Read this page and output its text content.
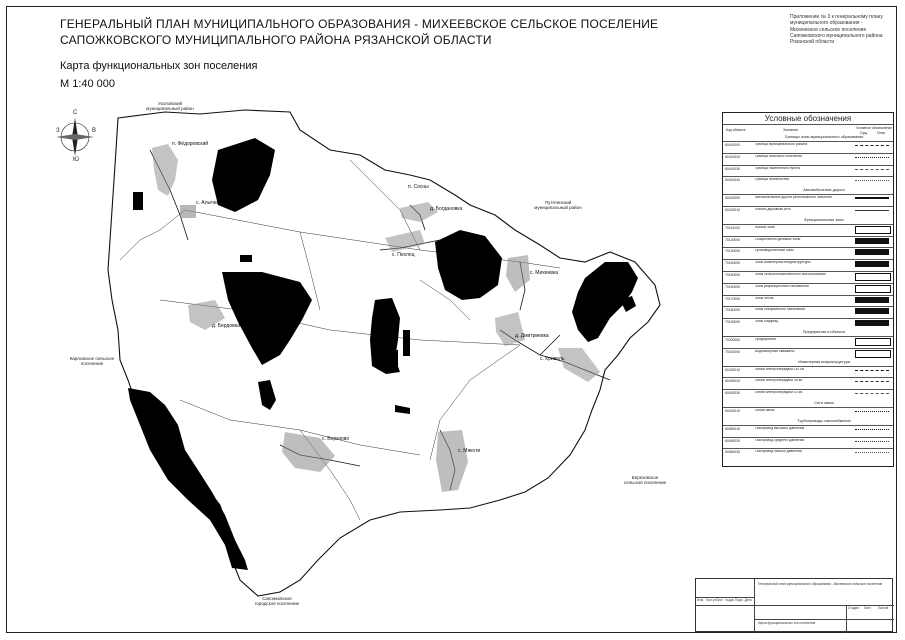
ГЕНЕРАЛЬНЫЙ ПЛАН МУНИЦИПАЛЬНОГО ОБРАЗОВАНИЯ - МИХЕЕВСКОЕ СЕЛЬСКОЕ ПОСЕЛЕНИЕ
САПОЖКОВСКОГО МУНИЦИПАЛЬНОГО РАЙОНА РЯЗАНСКОЙ ОБЛАСТИ
Карта функциональных зон поселения
М 1:40 000
Приложение № 3 к генеральному плану
муниципального образования -
Михеевское сельское поселение
Сапожковского муниципального района
Рязанской области
С
Ю
З	В
Ухоловский
муниципальный район
Путятинский
муниципальный район
Карловское сельское
поселение
Березовское
сельское поселение
Сапожковское
городское поселение
п. Фёдоровский
с. Алычево
п. Сосны
д. Богдановка
д. Бердовка
с. Пехлец
с. Михеевка
д. Дмитриевка
с. Кривель
с. Березово
с. Мякоти
Условные обозначения
Код объекта	Значение	Условное обозначение
Сущ.	План.
Границы зоны муниципального образования
60410000	Граница муниципального района
60410020	Граница сельского поселения
60410030	Граница населенного пункта
60410040	Граница лесничества
Автомобильные дороги
60420000	Автомобильные дороги регионального значения
60420010	Улично-дорожная сеть
Функциональные зоны
70110000	Жилые зоны
70120000	Общественно-деловые зоны
70130000	Производственные зоны
70140000	Зоны инженерной инфраструктуры
70150000	Зоны сельскохозяйственного использования
70160000	Зоны рекреационного назначения
70170000	Зоны лесов
70180000	Зоны специального назначения
70190000	Зоны кладбищ
Предприятия и объекты
70200000	Предприятия
70210000	Водозаборные скважины
Инженерная инфраструктура
60430010	Линии электропередачи 110 кВ
60430020	Линии электропередачи 35 кВ
60430030	Линии электропередачи 10 кВ
Сети связи
60440010	Линии связи
Трубопроводы газоснабжения
60450010	Газопровод высокого давления
60450020	Газопровод среднего давления
60450030	Газопровод низкого давления
Генеральный план муниципального образования - Михеевское сельское поселение
Карта функциональных зон поселения
Изм. Кол.уч Лист №док Подп. Дата
Стадия Лист Листов
